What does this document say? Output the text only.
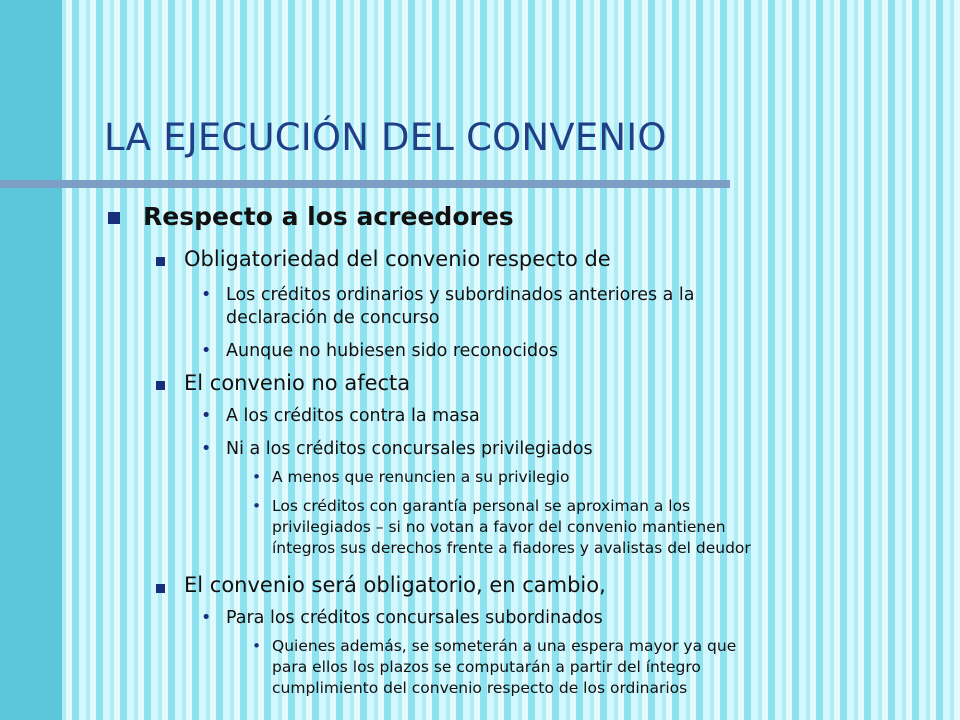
LA EJECUCIÓN DEL CONVENIO
Respecto a los acreedores
Obligatoriedad del convenio respecto de
• Los créditos ordinarios y subordinados anteriores a la
declaración de concurso
• Aunque no hubiesen sido reconocidos
El convenio no afecta
• A los créditos contra la masa
• Ni a los créditos concursales privilegiados
• A menos que renuncien a su privilegio
• Los créditos con garantía personal se aproximan a los
privilegiados – si no votan a favor del convenio mantienen
íntegros sus derechos frente a fiadores y avalistas del deudor
El convenio será obligatorio, en cambio,
• Para los créditos concursales subordinados
• Quienes además, se someterán a una espera mayor ya que
para ellos los plazos se computarán a partir del íntegro
cumplimiento del convenio respecto de los ordinarios
